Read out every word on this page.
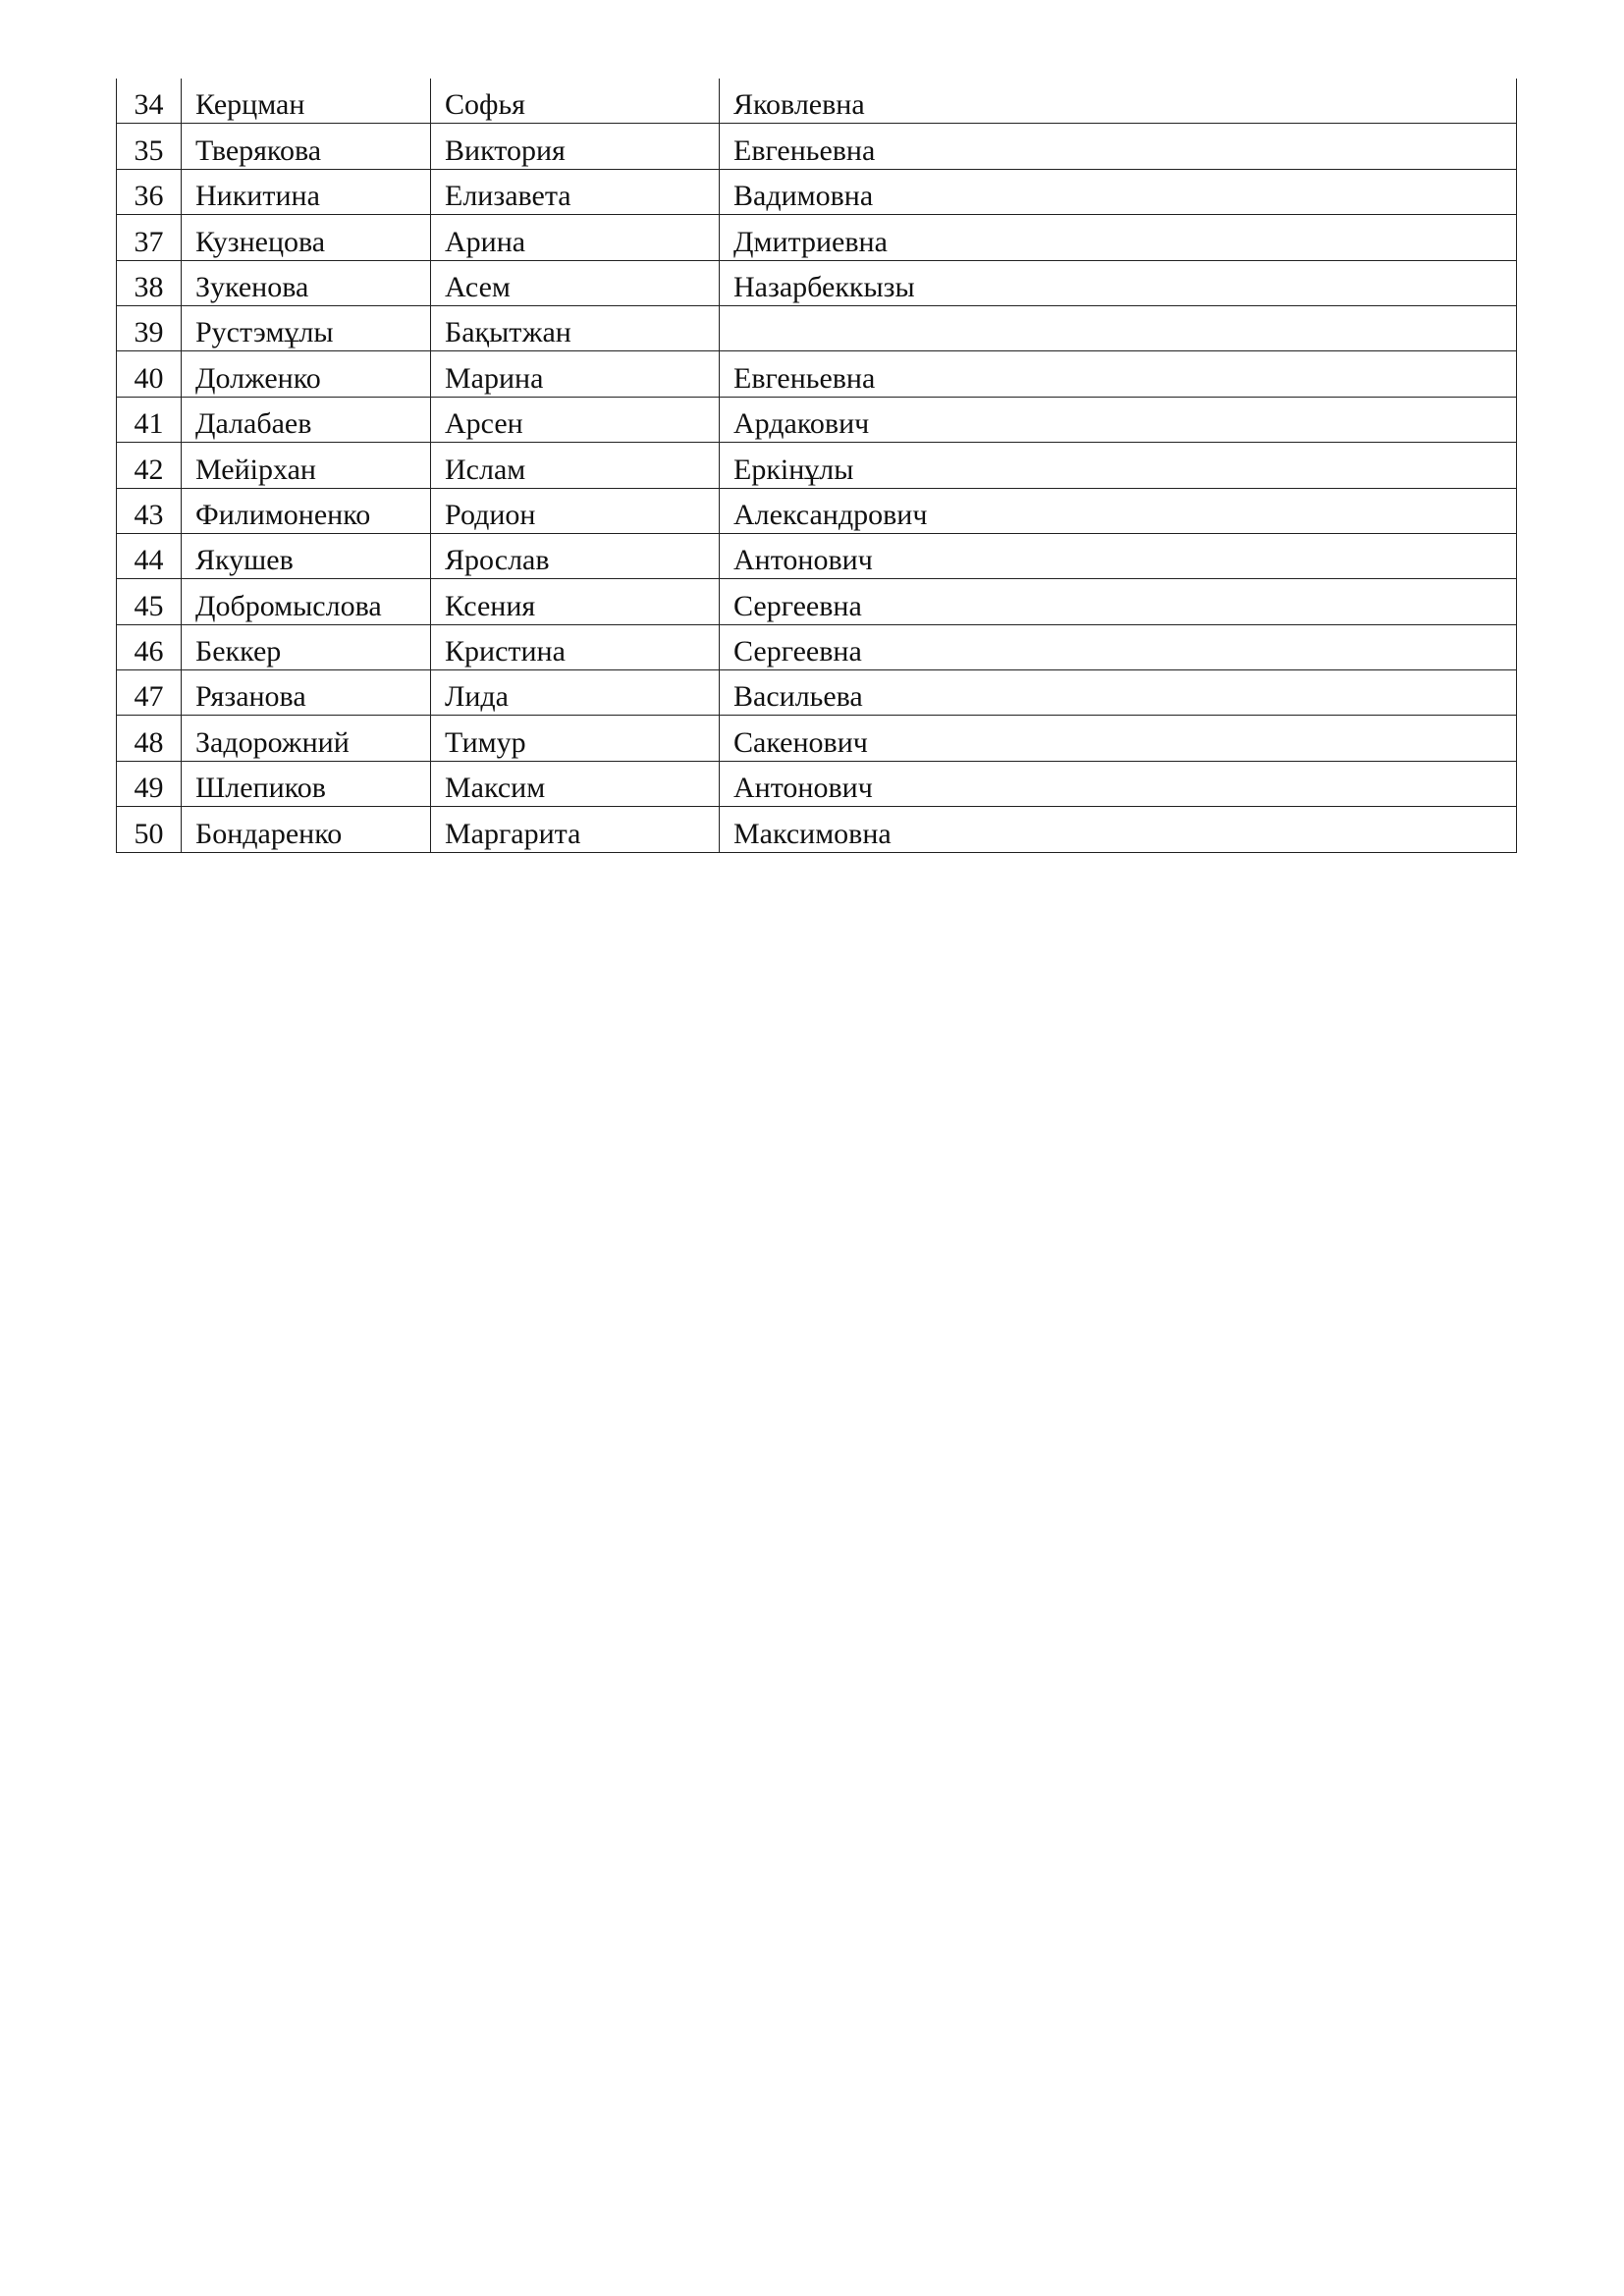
34	Керцман	Софья	Яковлевна
35	Тверякова	Виктория	Евгеньевна
36	Никитина	Елизавета	Вадимовна
37	Кузнецова	Арина	Дмитриевна
38	Зукенова	Асем	Назарбеккызы
39	Рустэмұлы	Бақытжан	
40	Долженко	Марина	Евгеньевна
41	Далабаев	Арсен	Ардакович
42	Мейірхан	Ислам	Еркінұлы
43	Филимоненко	Родион	Александрович
44	Якушев	Ярослав	Антонович
45	Добромыслова	Ксения	Сергеевна
46	Беккер	Кристина	Сергеевна
47	Рязанова	Лида	Васильева
48	Задорожний	Тимур	Сакенович
49	Шлепиков	Максим	Антонович
50	Бондаренко	Маргарита	Максимовна
